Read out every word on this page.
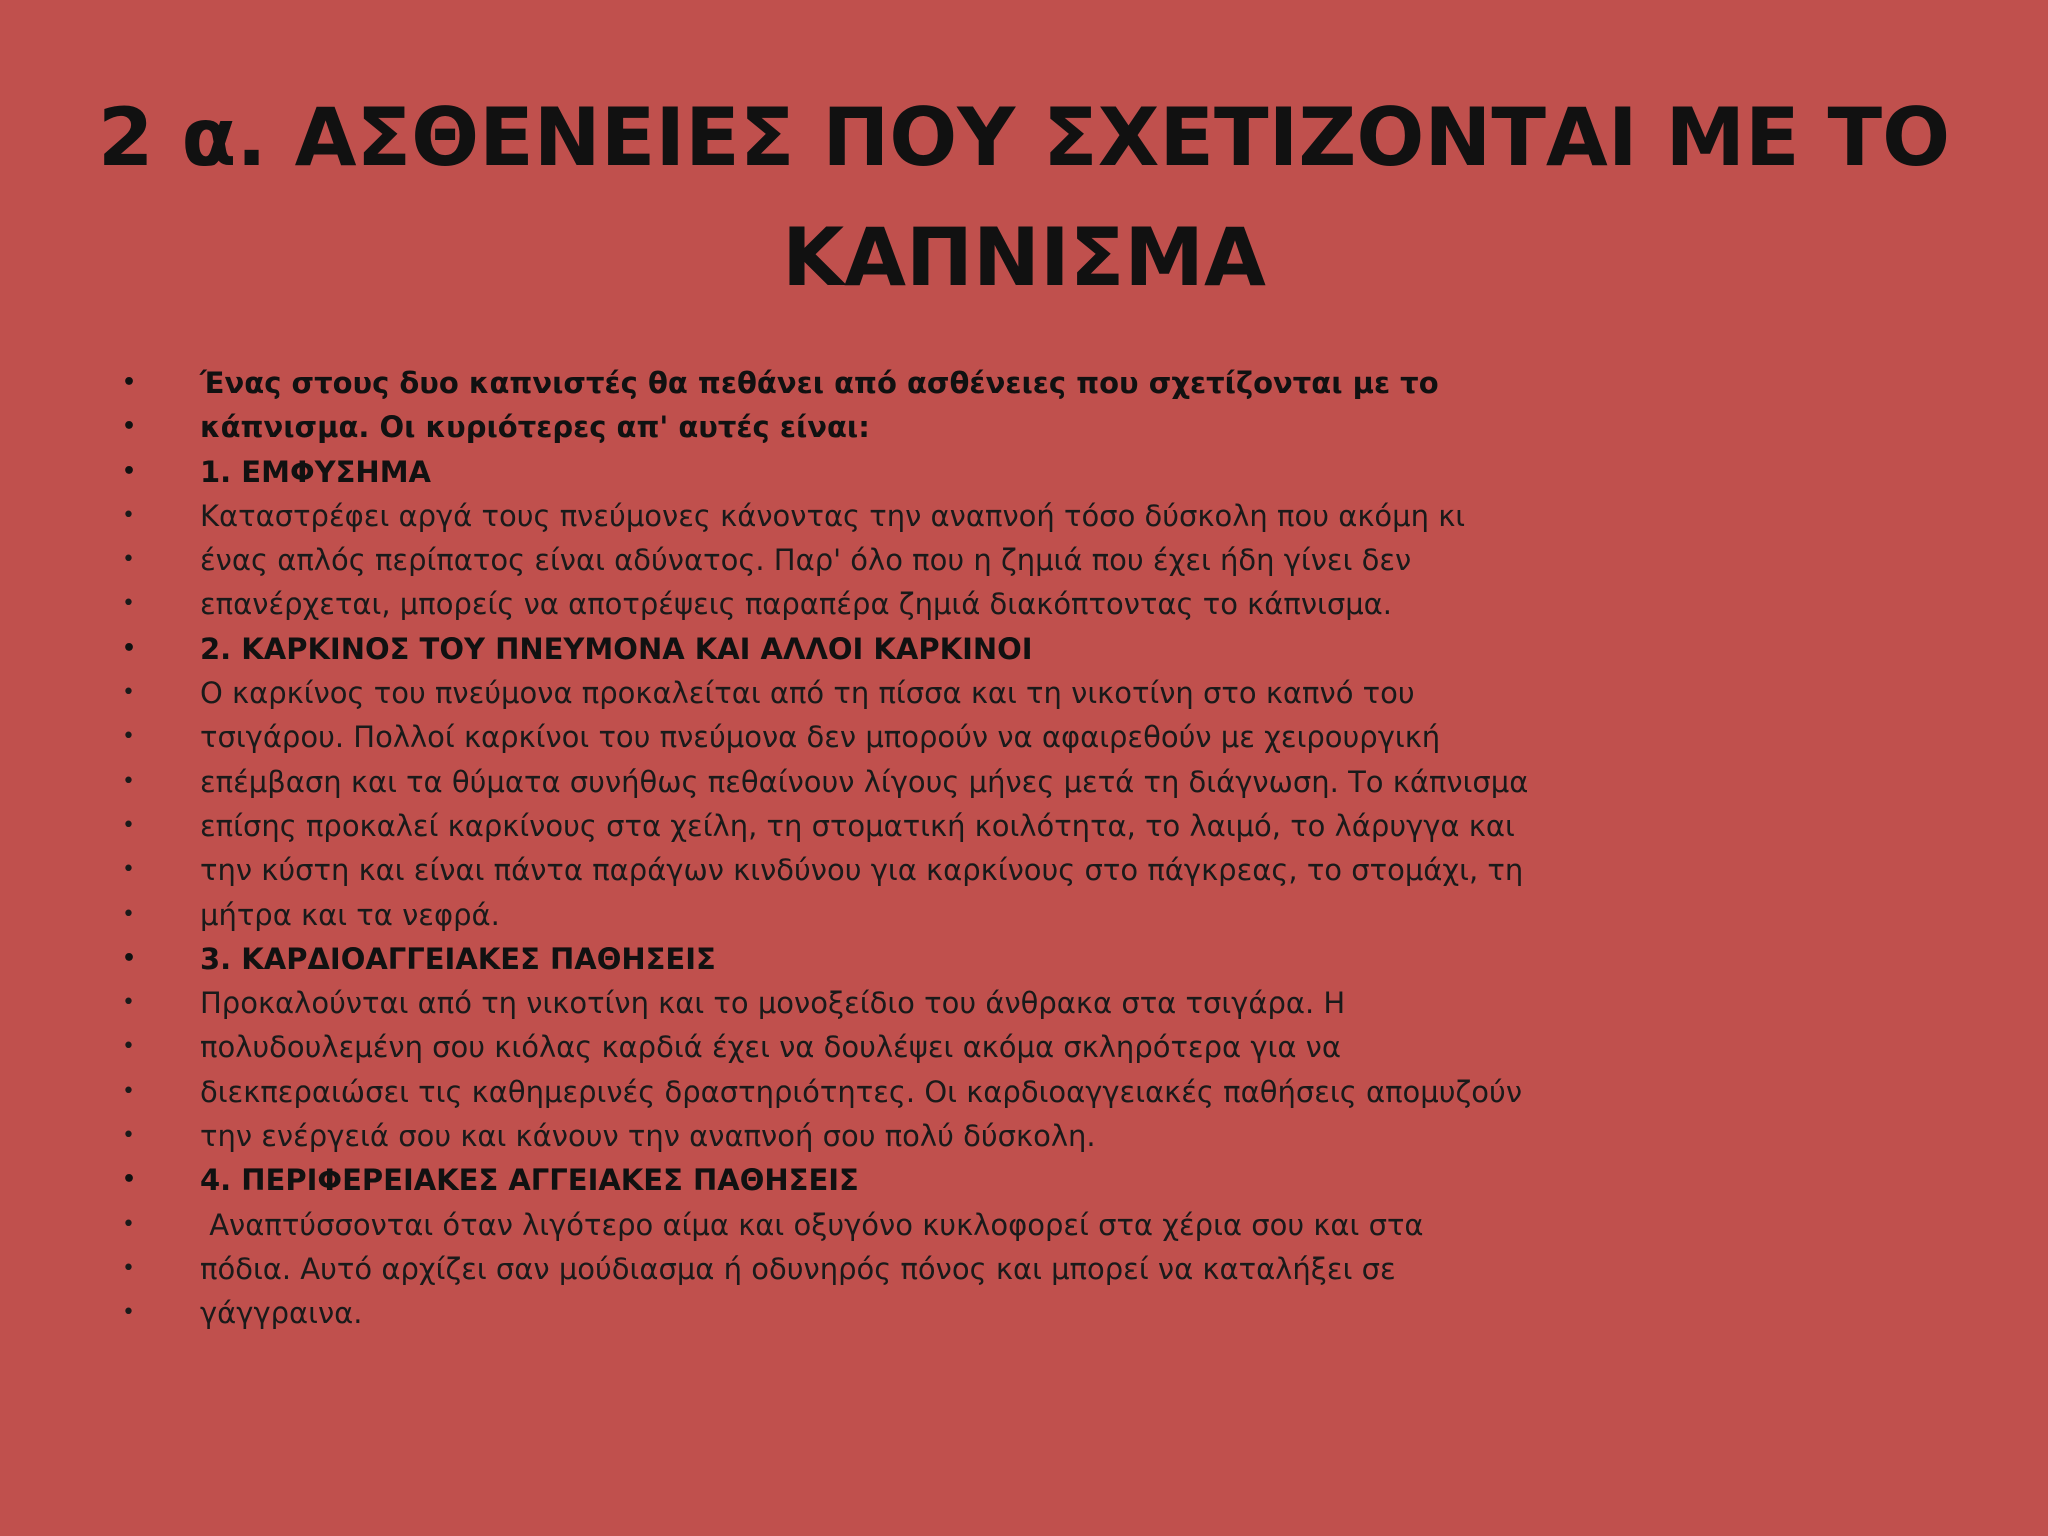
2 α. ΑΣΘΕΝΕΙΕΣ ΠΟΥ ΣΧΕΤΙΖΟΝΤΑΙ ΜΕ ΤΟ
ΚΑΠΝΙΣΜΑ
• Ένας στους δυο καπνιστές θα πεθάνει από ασθένειες που σχετίζονται με το
• κάπνισμα. Οι κυριότερες απ' αυτές είναι:
• 1. ΕΜΦΥΣΗΜΑ
• Καταστρέφει αργά τους πνεύμονες κάνοντας την αναπνοή τόσο δύσκολη που ακόμη κι
• ένας απλός περίπατος είναι αδύνατος. Παρ' όλο που η ζημιά που έχει ήδη γίνει δεν
• επανέρχεται, μπορείς να αποτρέψεις παραπέρα ζημιά διακόπτοντας το κάπνισμα.
• 2. ΚΑΡΚΙΝΟΣ ΤΟΥ ΠΝΕΥΜΟΝΑ ΚΑΙ ΑΛΛΟΙ ΚΑΡΚΙΝΟΙ
• Ο καρκίνος του πνεύμονα προκαλείται από τη πίσσα και τη νικοτίνη στο καπνό του
• τσιγάρου. Πολλοί καρκίνοι του πνεύμονα δεν μπορούν να αφαιρεθούν με χειρουργική
• επέμβαση και τα θύματα συνήθως πεθαίνουν λίγους μήνες μετά τη διάγνωση. Το κάπνισμα
• επίσης προκαλεί καρκίνους στα χείλη, τη στοματική κοιλότητα, το λαιμό, το λάρυγγα και
• την κύστη και είναι πάντα παράγων κινδύνου για καρκίνους στο πάγκρεας, το στομάχι, τη
• μήτρα και τα νεφρά.
• 3. ΚΑΡΔΙΟΑΓΓΕΙΑΚΕΣ ΠΑΘΗΣΕΙΣ
• Προκαλούνται από τη νικοτίνη και το μονοξείδιο του άνθρακα στα τσιγάρα. Η
• πολυδουλεμένη σου κιόλας καρδιά έχει να δουλέψει ακόμα σκληρότερα για να
• διεκπεραιώσει τις καθημερινές δραστηριότητες. Οι καρδιοαγγειακές παθήσεις απομυζούν
• την ενέργειά σου και κάνουν την αναπνοή σου πολύ δύσκολη.
• 4. ΠΕΡΙΦΕΡΕΙΑΚΕΣ ΑΓΓΕΙΑΚΕΣ ΠΑΘΗΣΕΙΣ
• Αναπτύσσονται όταν λιγότερο αίμα και οξυγόνο κυκλοφορεί στα χέρια σου και στα
• πόδια. Αυτό αρχίζει σαν μούδιασμα ή οδυνηρός πόνος και μπορεί να καταλήξει σε
• γάγγραινα.
